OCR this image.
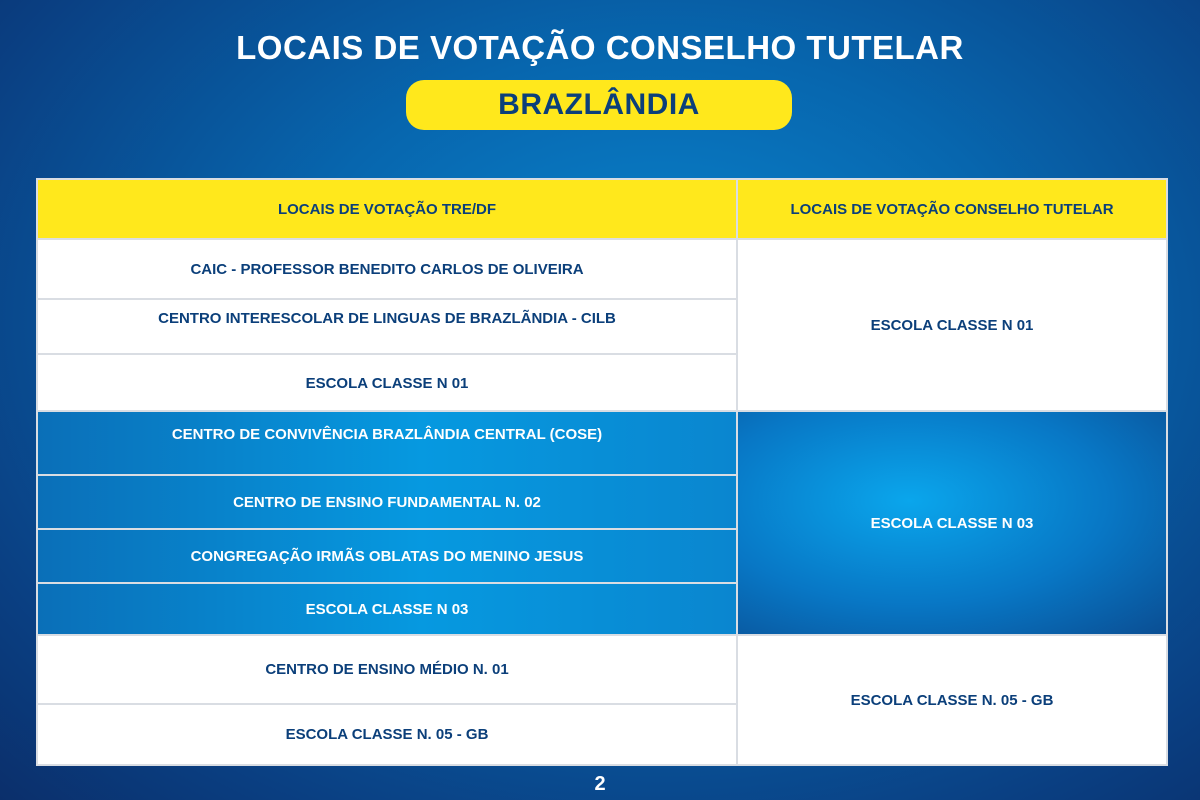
LOCAIS DE VOTAÇÃO CONSELHO TUTELAR
BRAZLÂNDIA
LOCAIS DE VOTAÇÃO TRE/DF	LOCAIS DE VOTAÇÃO CONSELHO TUTELAR
CAIC - PROFESSOR BENEDITO CARLOS DE OLIVEIRA	ESCOLA CLASSE N 01
CENTRO INTERESCOLAR DE LINGUAS DE BRAZLÃNDIA - CILB	
ESCOLA CLASSE N 01	
CENTRO DE CONVIVÊNCIA BRAZLÂNDIA CENTRAL (COSE)	ESCOLA CLASSE N 03
CENTRO DE ENSINO FUNDAMENTAL N. 02	
CONGREGAÇÃO IRMÃS OBLATAS DO MENINO JESUS	
ESCOLA CLASSE N 03	
CENTRO DE ENSINO MÉDIO N. 01	ESCOLA CLASSE N. 05 - GB
ESCOLA CLASSE N. 05 - GB	
2
